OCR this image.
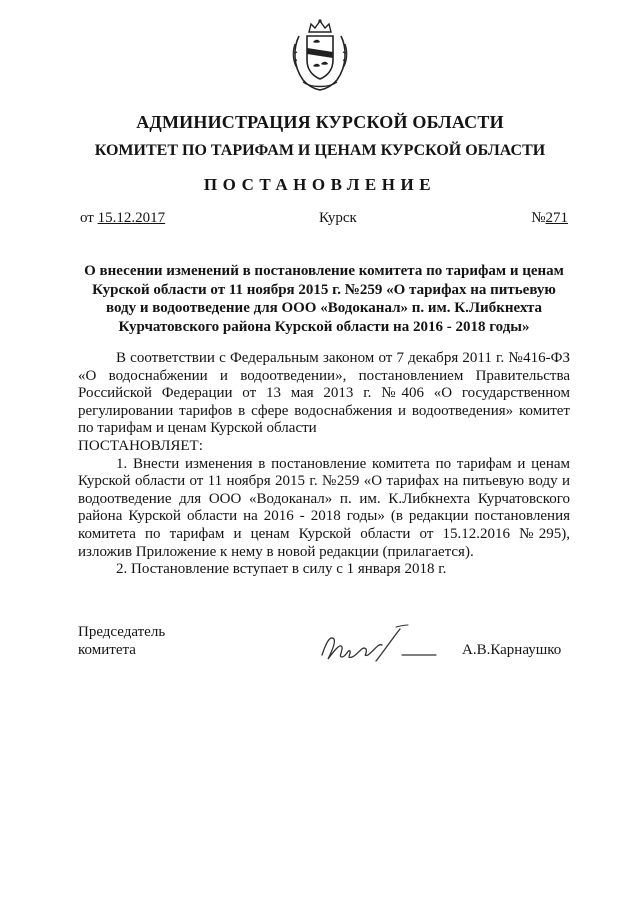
АДМИНИСТРАЦИЯ КУРСКОЙ ОБЛАСТИ
КОМИТЕТ ПО ТАРИФАМ И ЦЕНАМ КУРСКОЙ ОБЛАСТИ
ПОСТАНОВЛЕНИЕ
от 15.12.2017	Курск	№271
О внесении изменений в постановление комитета по тарифам и ценам Курской области от 11 ноября 2015 г. №259 «О тарифах на питьевую воду и водоотведение для ООО «Водоканал» п. им. К.Либкнехта Курчатовского района Курской области на 2016 - 2018 годы»

В соответствии с Федеральным законом от 7 декабря 2011 г. №416-ФЗ «О водоснабжении и водоотведении», постановлением Правительства Российской Федерации от 13 мая 2013 г. №406 «О государственном регулировании тарифов в сфере водоснабжения и водоотведения» комитет по тарифам и ценам Курской области

ПОСТАНОВЛЯЕТ:

1. Внести изменения в постановление комитета по тарифам и ценам Курской области от 11 ноября 2015 г. №259 «О тарифах на питьевую воду и водоотведение для ООО «Водоканал» п. им. К.Либкнехта Курчатовского района Курской области на 2016 - 2018 годы» (в редакции постановления комитета по тарифам и ценам Курской области от 15.12.2016 №295), изложив Приложение к нему в новой редакции (прилагается).

2. Постановление вступает в силу с 1 января 2018 г.

Председатель
комитета	А.В.Карнаушко
